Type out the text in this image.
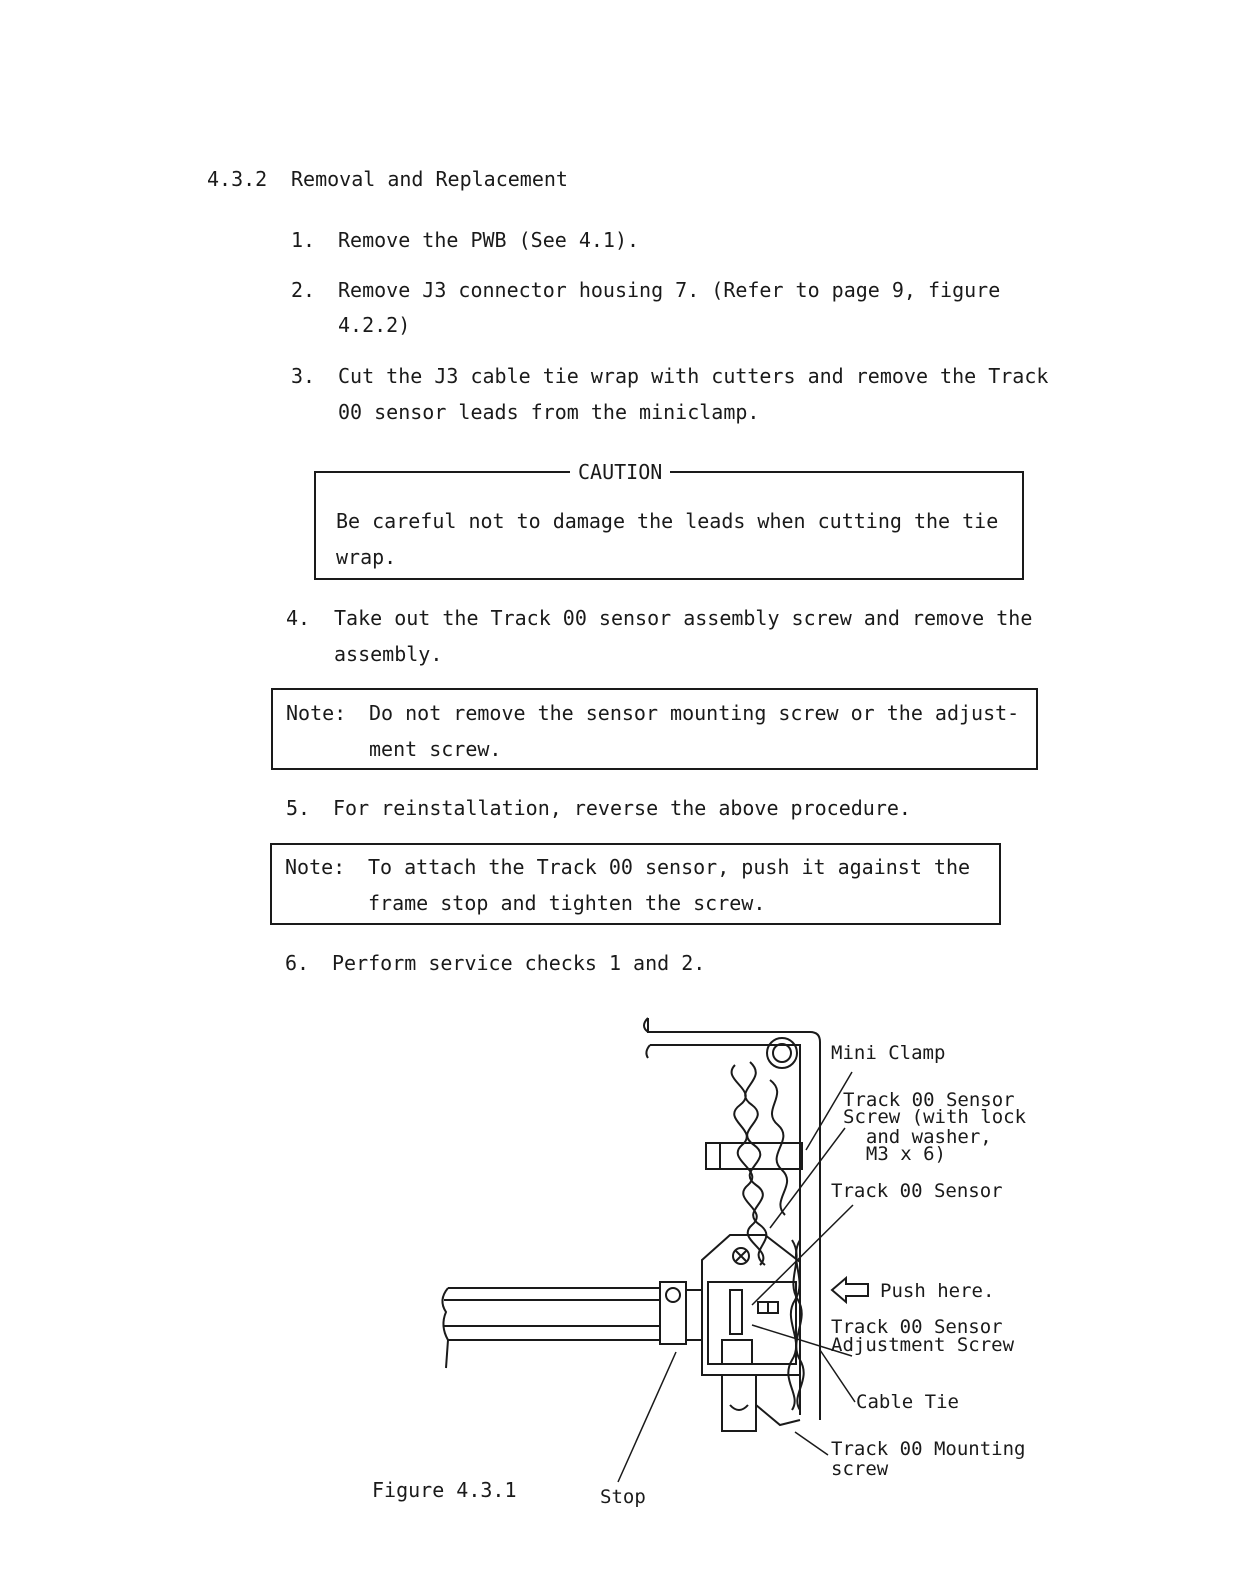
4.3.2 Removal and Replacement
1. Remove the PWB (See 4.1).
2. Remove J3 connector housing 7. (Refer to page 9, figure
4.2.2)
3. Cut the J3 cable tie wrap with cutters and remove the Track
00 sensor leads from the miniclamp.
CAUTION
Be careful not to damage the leads when cutting the tie
wrap.
4. Take out the Track 00 sensor assembly screw and remove the
assembly.
Note: Do not remove the sensor mounting screw or the adjust-
ment screw.
5. For reinstallation, reverse the above procedure.
Note: To attach the Track 00 sensor, push it against the
frame stop and tighten the screw.
6. Perform service checks 1 and 2.
Mini Clamp
Track 00 Sensor
Screw (with lock
and washer,
M3 x 6)
Track 00 Sensor
Push here.
Track 00 Sensor
Adjustment Screw
Cable Tie
Track 00 Mounting
screw
Stop
Figure 4.3.1
